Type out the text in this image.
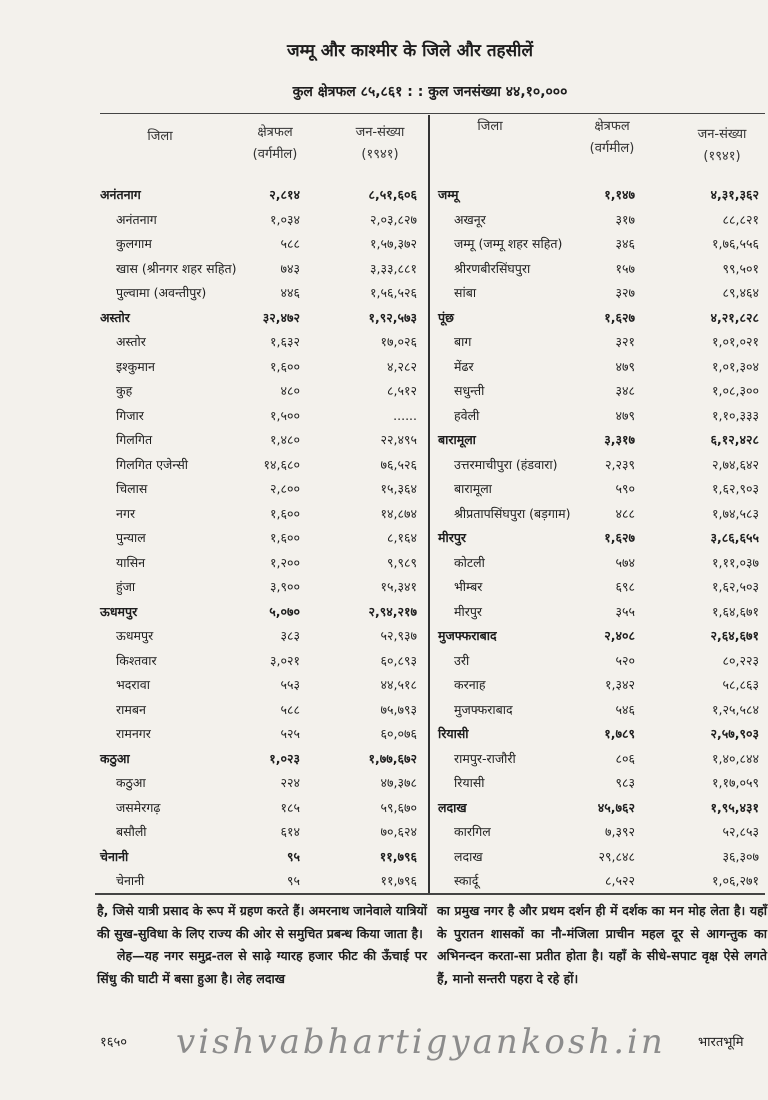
जम्मू और काश्मीर के जिले और तहसीलें
कुल क्षेत्रफल ८५,८६१ : : कुल जनसंख्या ४४,१०,०००
जिला	क्षेत्रफल
(वर्गमील)
जन-संख्या
(१९४१)
जिला	क्षेत्रफल
(वर्गमील)
जन-संख्या
(१९४१)
अनंतनाग	२,८१४	८,५१,६०६
अनंतनाग	१,०३४	२,०३,८२७
कुलगाम	५८८	१,५७,३७२
खास (श्रीनगर शहर सहित)	७४३	३,३३,८८१
पुल्वामा (अवन्तीपुर)	४४६	१,५६,५२६
अस्तोर	३२,४७२	१,९२,५७३
अस्तोर	१,६३२	१७,०२६
इश्कुमान	१,६००	४,२८२
कुह	४८०	८,५१२
गिजार	१,५००	......
गिलगित	१,४८०	२२,४९५
गिलगित एजेन्सी	१४,६८०	७६,५२६
चिलास	२,८००	१५,३६४
नगर	१,६००	१४,८७४
पुन्याल	१,६००	८,१६४
यासिन	१,२००	९,९८९
हुंजा	३,९००	१५,३४१
ऊधमपुर	५,०७०	२,९४,२१७
ऊधमपुर	३८३	५२,९३७
किश्तवार	३,०२१	६०,८९३
भदरावा	५५३	४४,५१८
रामबन	५८८	७५,७९३
रामनगर	५२५	६०,०७६
कठुआ	१,०२३	१,७७,६७२
कठुआ	२२४	४७,३७८
जसमेरगढ़	१८५	५९,६७०
बसौली	६१४	७०,६२४
चेनानी	९५	११,७९६
चेनानी	९५	११,७९६
जम्मू	१,१४७	४,३१,३६२
अखनूर	३१७	८८,८२१
जम्मू (जम्मू शहर सहित)	३४६	१,७६,५५६
श्रीरणबीरसिंघपुरा	१५७	९९,५०१
सांबा	३२७	८९,४६४
पूंछ	१,६२७	४,२१,८२८
बाग	३२१	१,०१,०२१
मेंढर	४७९	१,०१,३०४
सधुन्ती	३४८	१,०८,३००
हवेली	४७९	१,१०,३३३
बारामूला	३,३१७	६,१२,४२८
उत्तरमाचीपुरा (हंडवारा)	२,२३९	२,७४,६४२
बारामूला	५९०	१,६२,९०३
श्रीप्रतापसिंघपुरा (बड़गाम)	४८८	१,७४,५८३
मीरपुर	१,६२७	३,८६,६५५
कोटली	५७४	१,११,०३७
भीम्बर	६९८	१,६२,५०३
मीरपुर	३५५	१,६४,६७१
मुजफ्फराबाद	२,४०८	२,६४,६७१
उरी	५२०	८०,२२३
करनाह	१,३४२	५८,८६३
मुजफ्फराबाद	५४६	१,२५,५८४
रियासी	१,७८९	२,५७,९०३
रामपुर-राजौरी	८०६	१,४०,८४४
रियासी	९८३	१,१७,०५९
लदाख	४५,७६२	१,९५,४३१
कारगिल	७,३९२	५२,८५३
लदाख	२९,८४८	३६,३०७
स्कार्दू	८,५२२	१,०६,२७१

है, जिसे यात्री प्रसाद के रूप में ग्रहण करते हैं। अमरनाथ जानेवाले यात्रियों की सुख-सुविधा के लिए राज्य की ओर से समुचित प्रबन्ध किया जाता है।

लेह—यह नगर समुद्र-तल से साढ़े ग्यारह हजार फीट की ऊँचाई पर सिंधु की घाटी में बसा हुआ है। लेह लदाख

का प्रमुख नगर है और प्रथम दर्शन ही में दर्शक का मन मोह लेता है। यहाँ के पुरातन शासकों का नौ-मंजिला प्राचीन महल दूर से आगन्तुक का अभिनन्दन करता-सा प्रतीत होता है। यहाँ के सीधे-सपाट वृक्ष ऐसे लगते हैं, मानो सन्तरी पहरा दे रहे हों।

१६५० vishvabhartigyankosh.in भारतभूमि
